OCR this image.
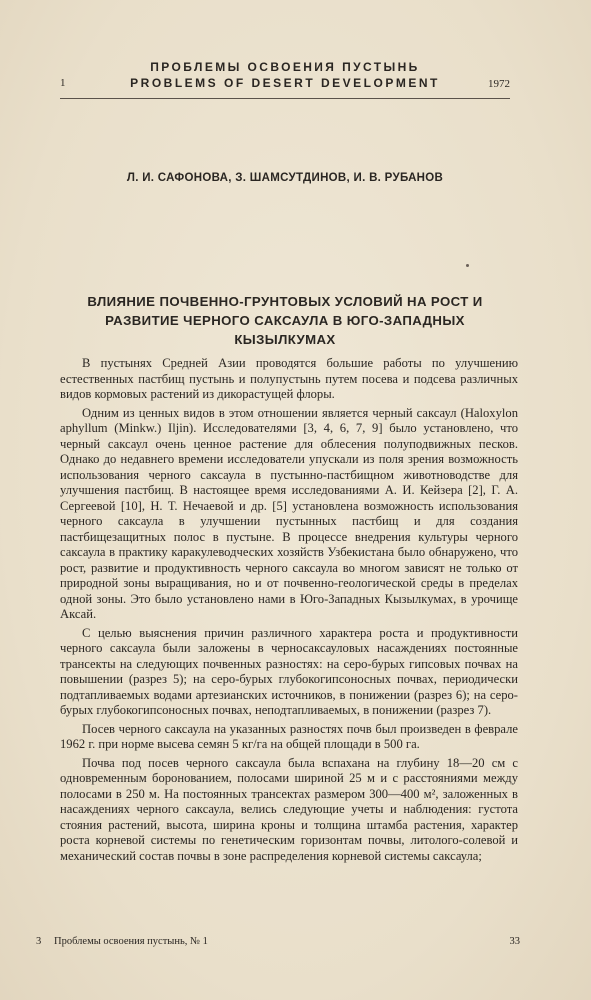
ПРОБЛЕМЫ ОСВОЕНИЯ ПУСТЫНЬ
1	PROBLEMS OF DESERT DEVELOPMENT	1972
Л. И. САФОНОВА, З. ШАМСУТДИНОВ, И. В. РУБАНОВ
ВЛИЯНИЕ ПОЧВЕННО-ГРУНТОВЫХ УСЛОВИЙ НА РОСТ И
РАЗВИТИЕ ЧЕРНОГО САКСАУЛА В ЮГО-ЗАПАДНЫХ
КЫЗЫЛКУМАХ

В пустынях Средней Азии проводятся большие работы по улучшению естественных пастбищ пустынь и полупустынь путем посева и подсева различных видов кормовых растений из дикорастущей флоры.

Одним из ценных видов в этом отношении является черный саксаул (Haloxylon aphyllum (Minkw.) Iljin). Исследователями [3, 4, 6, 7, 9] было установлено, что черный саксаул очень ценное растение для облесения полуподвижных песков. Однако до недавнего времени исследователи упускали из поля зрения возможность использования черного саксаула в пустынно-пастбищном животноводстве для улучшения пастбищ. В настоящее время исследованиями А. И. Кейзера [2], Г. А. Сергеевой [10], Н. Т. Нечаевой и др. [5] установлена возможность использования черного саксаула в улучшении пустынных пастбищ и для создания пастбищезащитных полос в пустыне. В процессе внедрения культуры черного саксаула в практику каракулеводческих хозяйств Узбекистана было обнаружено, что рост, развитие и продуктивность черного саксаула во многом зависят не только от природной зоны выращивания, но и от почвенно-геологической среды в пределах одной зоны. Это было установлено нами в Юго-Западных Кызылкумах, в урочище Аксай.

С целью выяснения причин различного характера роста и продуктивности черного саксаула были заложены в черносаксауловых насаждениях постоянные трансекты на следующих почвенных разностях: на серо-бурых гипсовых почвах на повышении (разрез 5); на серо-бурых глубокогипсоносных почвах, периодически подтапливаемых водами артезианских источников, в понижении (разрез 6); на серо-бурых глубокогипсоносных почвах, неподтапливаемых, в понижении (разрез 7).

Посев черного саксаула на указанных разностях почв был произведен в феврале 1962 г. при норме высева семян 5 кг/га на общей площади в 500 га.

Почва под посев черного саксаула была вспахана на глубину 18—20 см с одновременным боронованием, полосами шириной 25 м и с расстояниями между полосами в 250 м. На постоянных трансектах размером 300—400 м², заложенных в насаждениях черного саксаула, велись следующие учеты и наблюдения: густота стояния растений, высота, ширина кроны и толщина штамба растения, характер роста корневой системы по генетическим горизонтам почвы, литолого-солевой и механический состав почвы в зоне распределения корневой системы саксаула;

3 Проблемы освоения пустынь, № 1	33
